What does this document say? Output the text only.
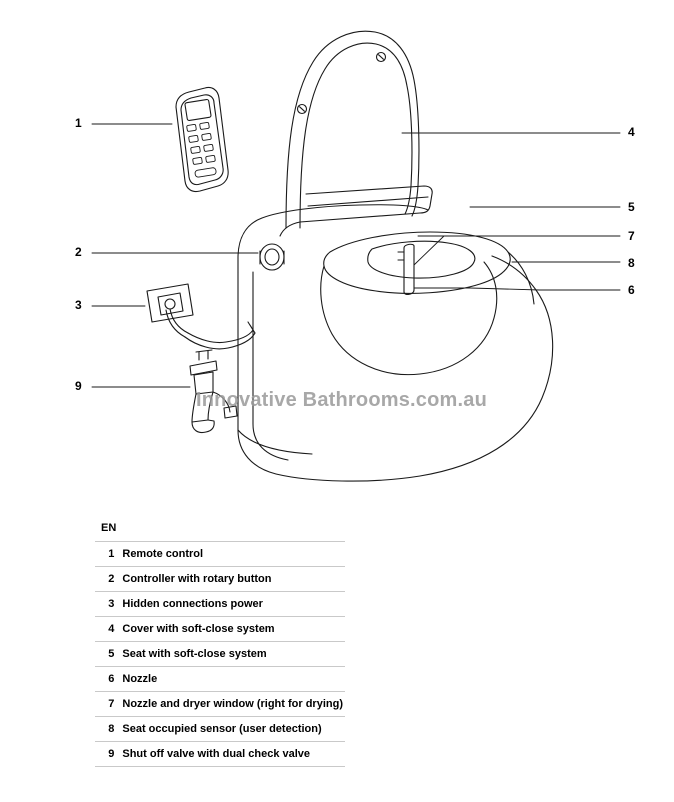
1
2
3
9
4
5
7
8
6
Innovative Bathrooms.com.au
EN
1	Remote control
2	Controller with rotary button
3	Hidden connections power
4	Cover with soft-close system
5	Seat with soft-close system
6	Nozzle
7	Nozzle and dryer window (right for drying)
8	Seat occupied sensor (user detection)
9	Shut off valve with dual check valve
